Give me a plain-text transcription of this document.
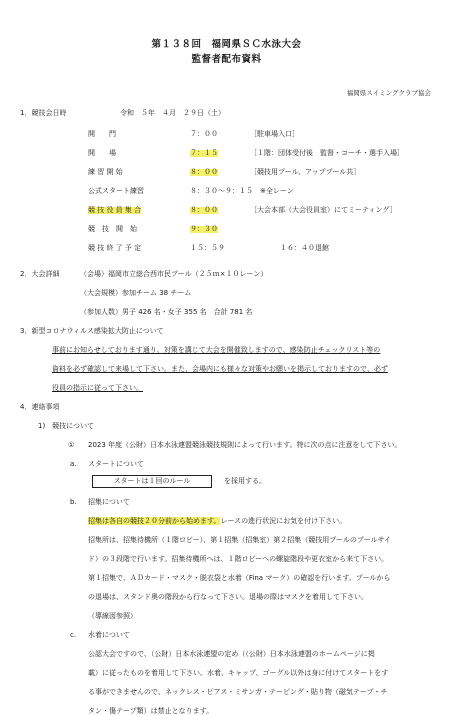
第１３８回　福岡県ＳＣ水泳大会
監督者配布資料
福岡県スイミングクラブ協会
1．競技会日時	令和　５年　４月　２９日（土）
開　　門	７：００	［駐車場入口］
開　　場	７：１５	［１階：団体受付後　監督・コーチ・選手入場］
練 習 開 始	８：００	［競技用プール、アッププール共］
公式スタート練習	８：３０～９：１５　※全レーン
競 技 役 員 集 合	８：００	［大会本部（大会役員室）にてミーティング］
競　技　開　始	９：３０
競 技 終 了 予 定	１５：５９	１６：４０退館
2．大会詳細	（会場）福岡市立総合西市民プール（２５ｍ×１０レーン）
（大会規模）参加チーム 38 チーム
（参加人数）男子 426 名・女子 355 名　合計 781 名
3．新型コロナウィルス感染拡大防止について
事前にお知らせしております通り、対策を講じて大会を開催致しますので、感染防止チェックリスト等の
資料を必ず確認して来場して下さい。また、会場内にも様々な対策やお願いを掲示しておりますので、必ず
役員の指示に従って下さい。
4．連絡事項
1)　競技について
① 2023 年度（公財）日本水泳連盟競泳競技規則によって行います。特に次の点に注意をして下さい。
a. スタートについて
スタートは１回のルール	を採用する。
b. 招集について
招集は各自の競技２０分前から始めます。レースの進行状況にお気を付け下さい。
招集所は、招集待機所（１階ロビー）、第１招集（招集室）第２招集（競技用プールのプールサイ
ド）の３段階で行います。招集待機所へは、１階ロビーへの螺旋階段や更衣室から来て下さい。
第１招集で、ＡＤカード・マスク・脱衣袋と水着（Fina マーク）の確認を行います。プールから
の退場は、スタンド奥の階段から行なって下さい。退場の際はマスクを着用して下さい。
（導線図参照）
c. 水着について
公認大会ですので、（公財）日本水泳連盟の定め（（公財）日本水泳連盟のホームページに掲
載）に従ったものを着用して下さい。水着、キャップ、ゴーグル以外は身に付けてスタートをす
る事ができませんので、ネックレス・ピアス・ミサンガ・テーピング・貼り物（磁気テープ・チ
タン・傷テープ類）は禁止となります。
